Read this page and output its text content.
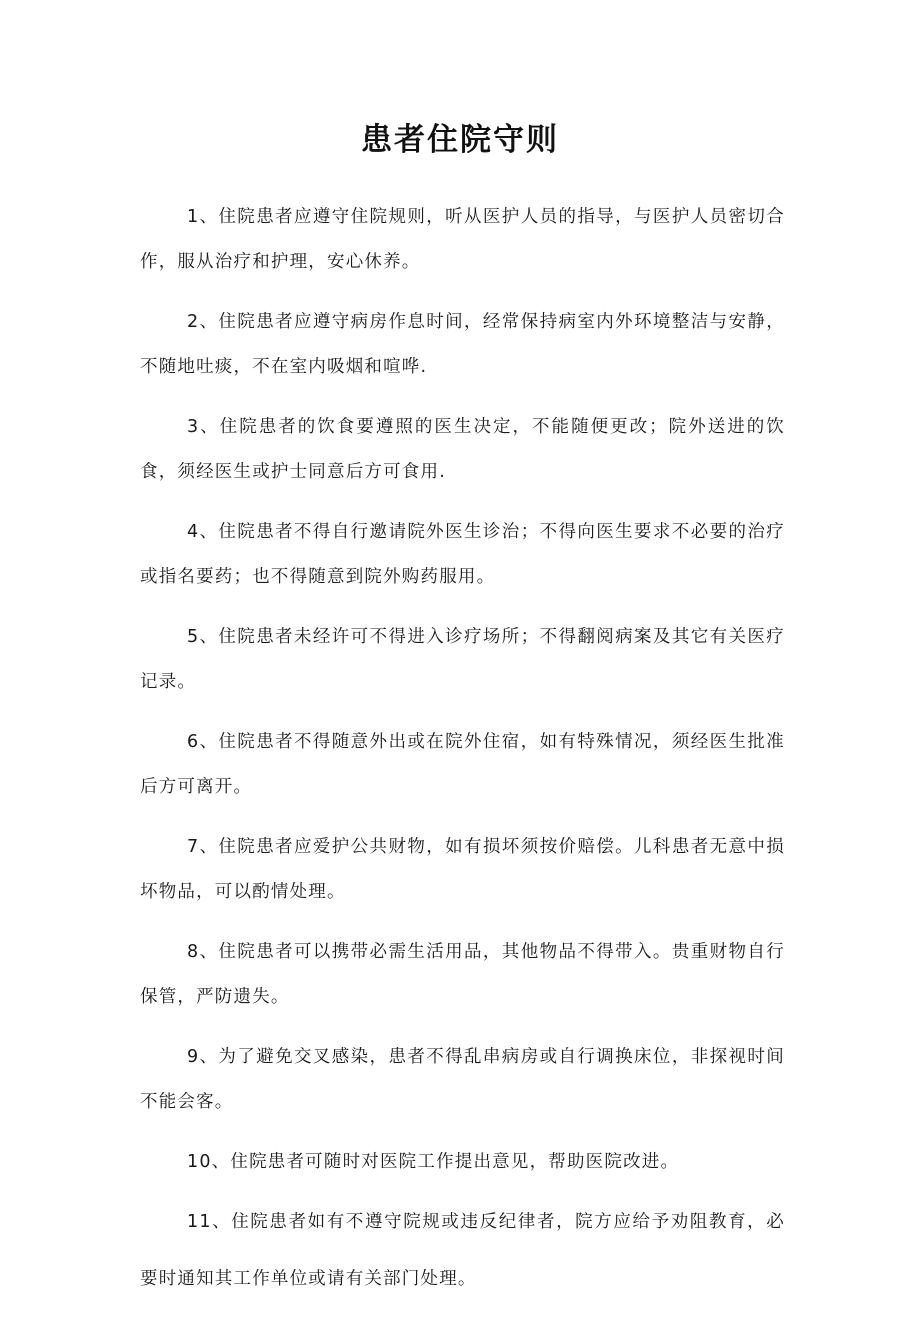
患者住院守则

1、住院患者应遵守住院规则，听从医护人员的指导，与医护人员密切合作，服从治疗和护理，安心休养。

2、住院患者应遵守病房作息时间，经常保持病室内外环境整洁与安静，不随地吐痰，不在室内吸烟和喧哗.

3、住院患者的饮食要遵照的医生决定，不能随便更改；院外送进的饮食，须经医生或护士同意后方可食用.

4、住院患者不得自行邀请院外医生诊治；不得向医生要求不必要的治疗或指名要药；也不得随意到院外购药服用。

5、住院患者未经许可不得进入诊疗场所；不得翻阅病案及其它有关医疗记录。

6、住院患者不得随意外出或在院外住宿，如有特殊情况，须经医生批准后方可离开。

7、住院患者应爱护公共财物，如有损坏须按价赔偿。儿科患者无意中损坏物品，可以酌情处理。

8、住院患者可以携带必需生活用品，其他物品不得带入。贵重财物自行保管，严防遗失。

9、为了避免交叉感染，患者不得乱串病房或自行调换床位，非探视时间不能会客。

10、住院患者可随时对医院工作提出意见，帮助医院改进。

11、住院患者如有不遵守院规或违反纪律者，院方应给予劝阻教育，必要时通知其工作单位或请有关部门处理。
